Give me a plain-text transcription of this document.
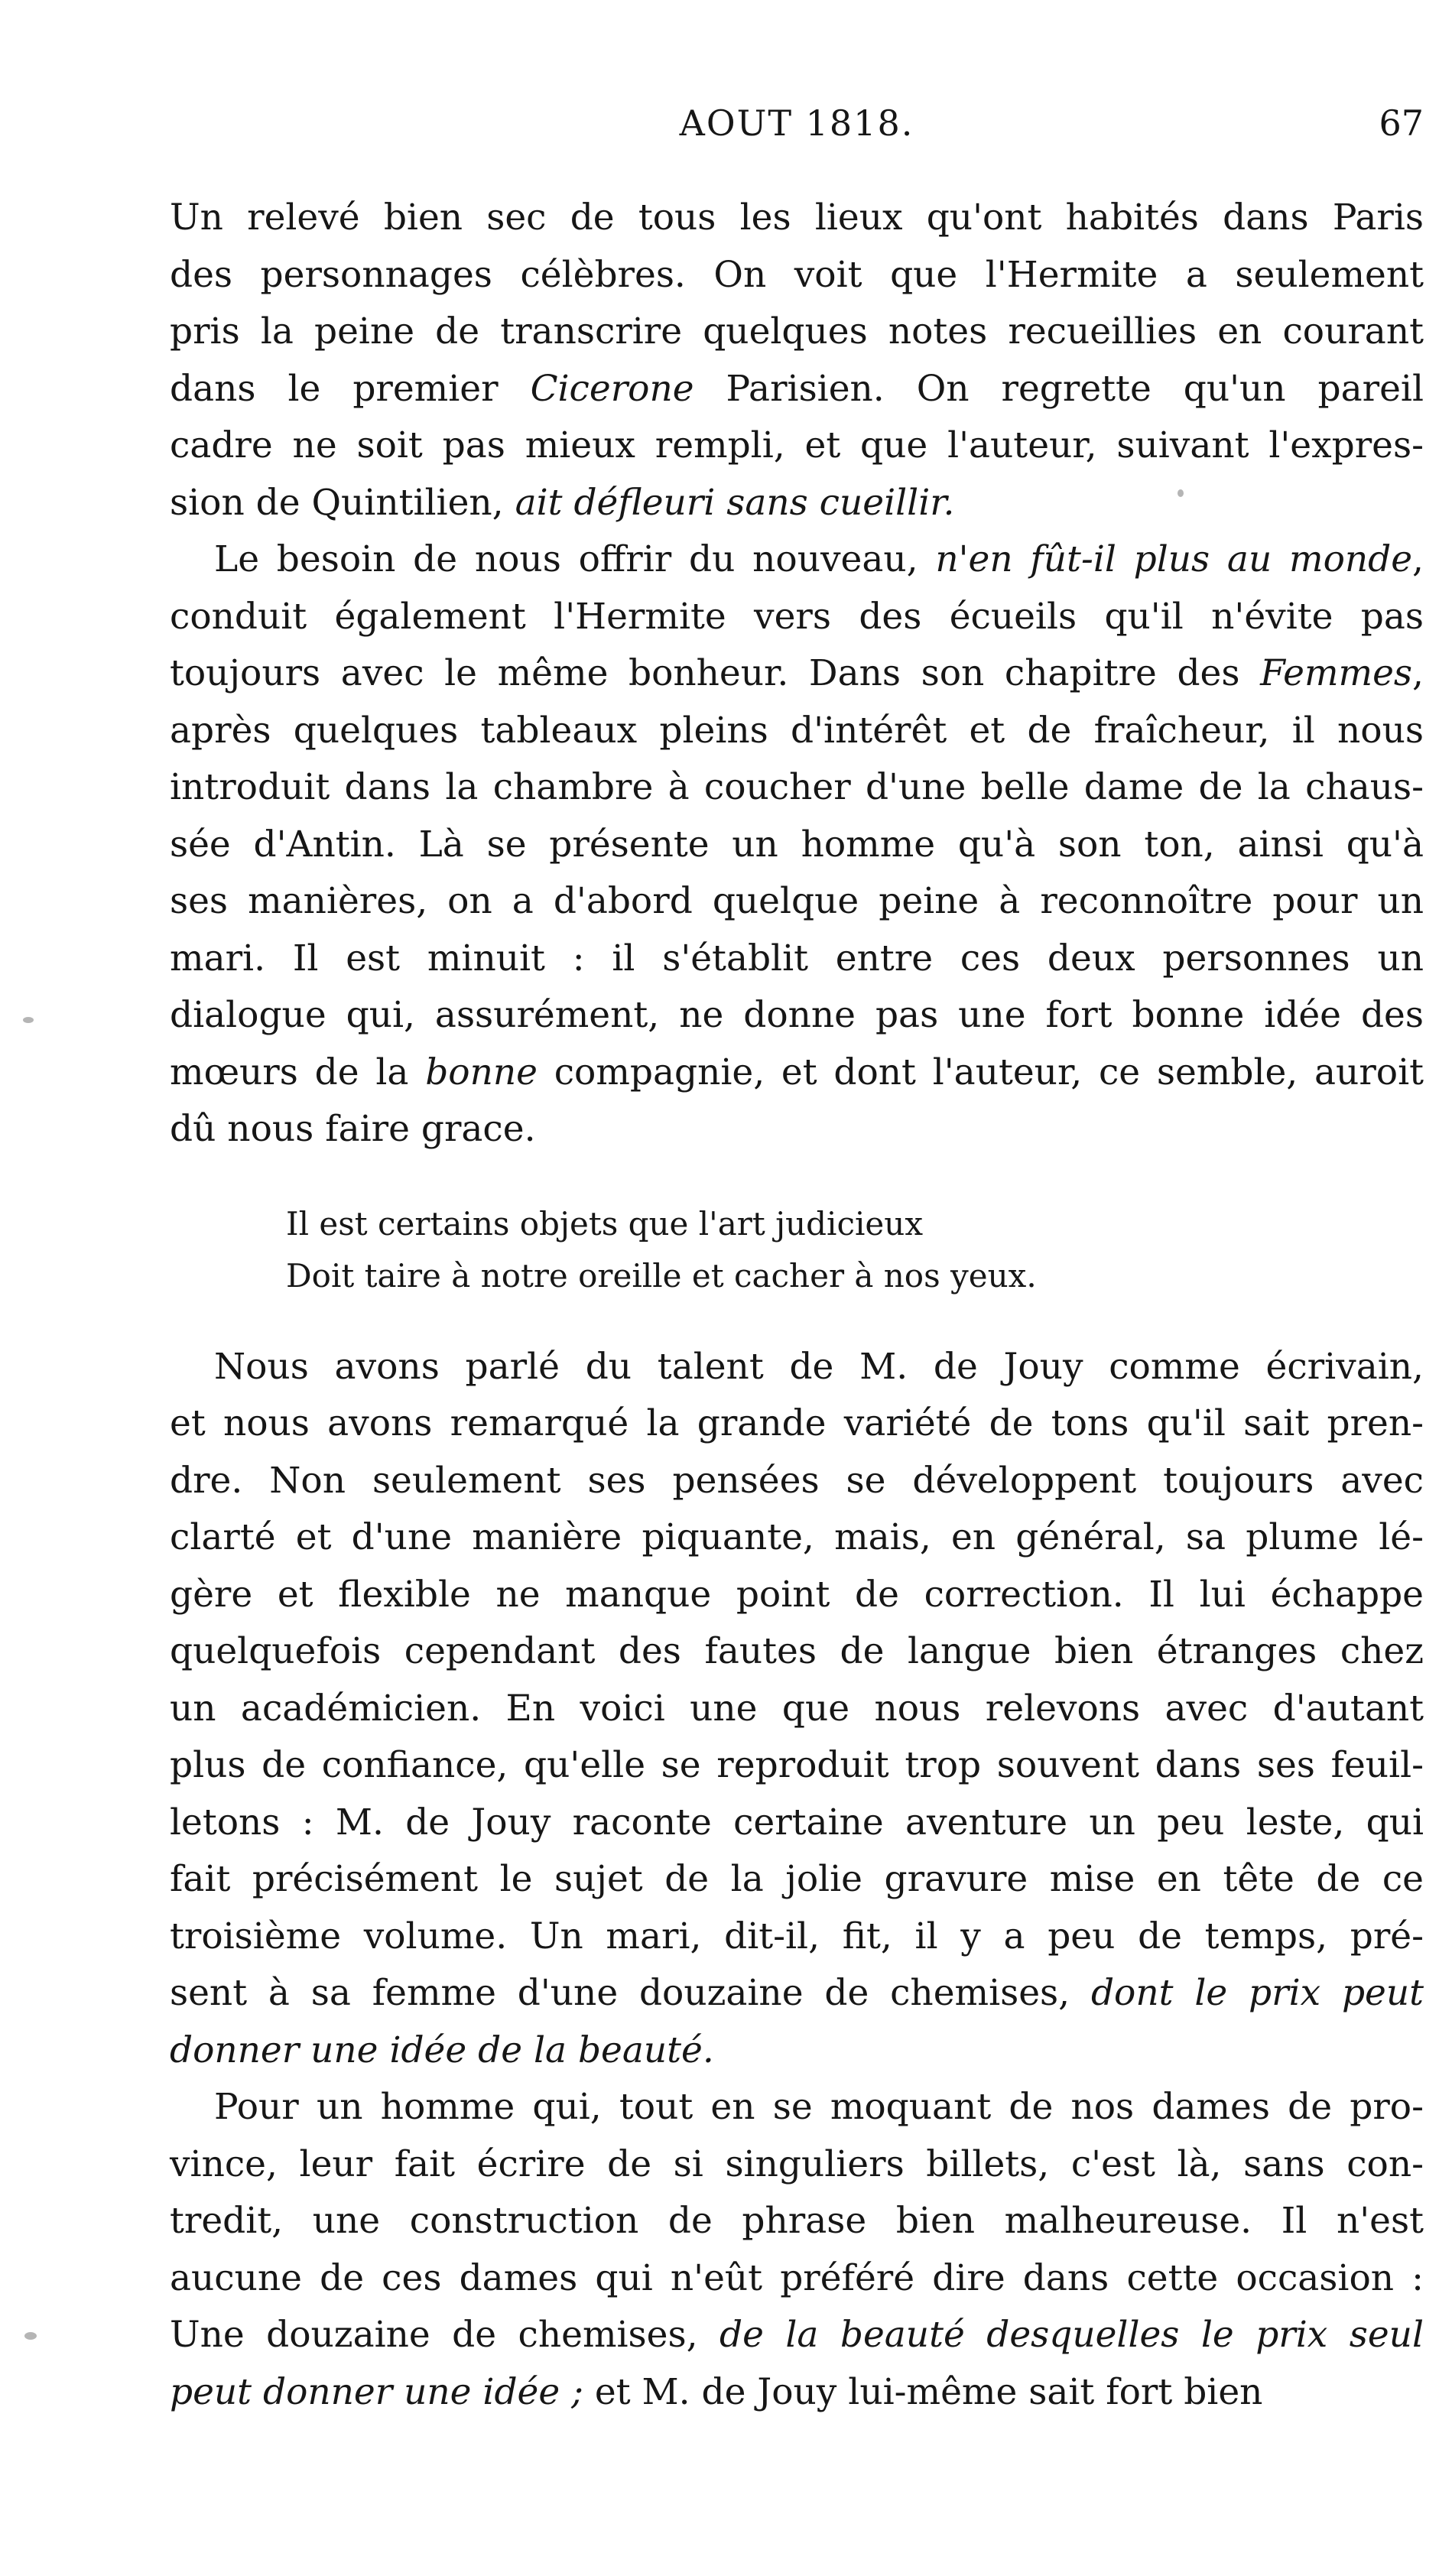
AOUT 1818.	67
Un relevé bien sec de tous les lieux qu'ont habités dans Paris
des personnages célèbres. On voit que l'Hermite a seulement
pris la peine de transcrire quelques notes recueillies en courant
dans le premier Cicerone Parisien. On regrette qu'un pareil
cadre ne soit pas mieux rempli, et que l'auteur, suivant l'expres-
sion de Quintilien, ait défleuri sans cueillir.
Le besoin de nous offrir du nouveau, n'en fût-il plus au monde,
conduit également l'Hermite vers des écueils qu'il n'évite pas
toujours avec le même bonheur. Dans son chapitre des Femmes,
après quelques tableaux pleins d'intérêt et de fraîcheur, il nous
introduit dans la chambre à coucher d'une belle dame de la chaus-
sée d'Antin. Là se présente un homme qu'à son ton, ainsi qu'à
ses manières, on a d'abord quelque peine à reconnoître pour un
mari. Il est minuit : il s'établit entre ces deux personnes un
dialogue qui, assurément, ne donne pas une fort bonne idée des
mœurs de la bonne compagnie, et dont l'auteur, ce semble, auroit
dû nous faire grace.
Il est certains objets que l'art judicieux
Doit taire à notre oreille et cacher à nos yeux.
Nous avons parlé du talent de M. de Jouy comme écrivain,
et nous avons remarqué la grande variété de tons qu'il sait pren-
dre. Non seulement ses pensées se développent toujours avec
clarté et d'une manière piquante, mais, en général, sa plume lé-
gère et flexible ne manque point de correction. Il lui échappe
quelquefois cependant des fautes de langue bien étranges chez
un académicien. En voici une que nous relevons avec d'autant
plus de confiance, qu'elle se reproduit trop souvent dans ses feuil-
letons : M. de Jouy raconte certaine aventure un peu leste, qui
fait précisément le sujet de la jolie gravure mise en tête de ce
troisième volume. Un mari, dit-il, fit, il y a peu de temps, pré-
sent à sa femme d'une douzaine de chemises, dont le prix peut
donner une idée de la beauté.
Pour un homme qui, tout en se moquant de nos dames de pro-
vince, leur fait écrire de si singuliers billets, c'est là, sans con-
tredit, une construction de phrase bien malheureuse. Il n'est
aucune de ces dames qui n'eût préféré dire dans cette occasion :
Une douzaine de chemises, de la beauté desquelles le prix seul
peut donner une idée ; et M. de Jouy lui-même sait fort bien
